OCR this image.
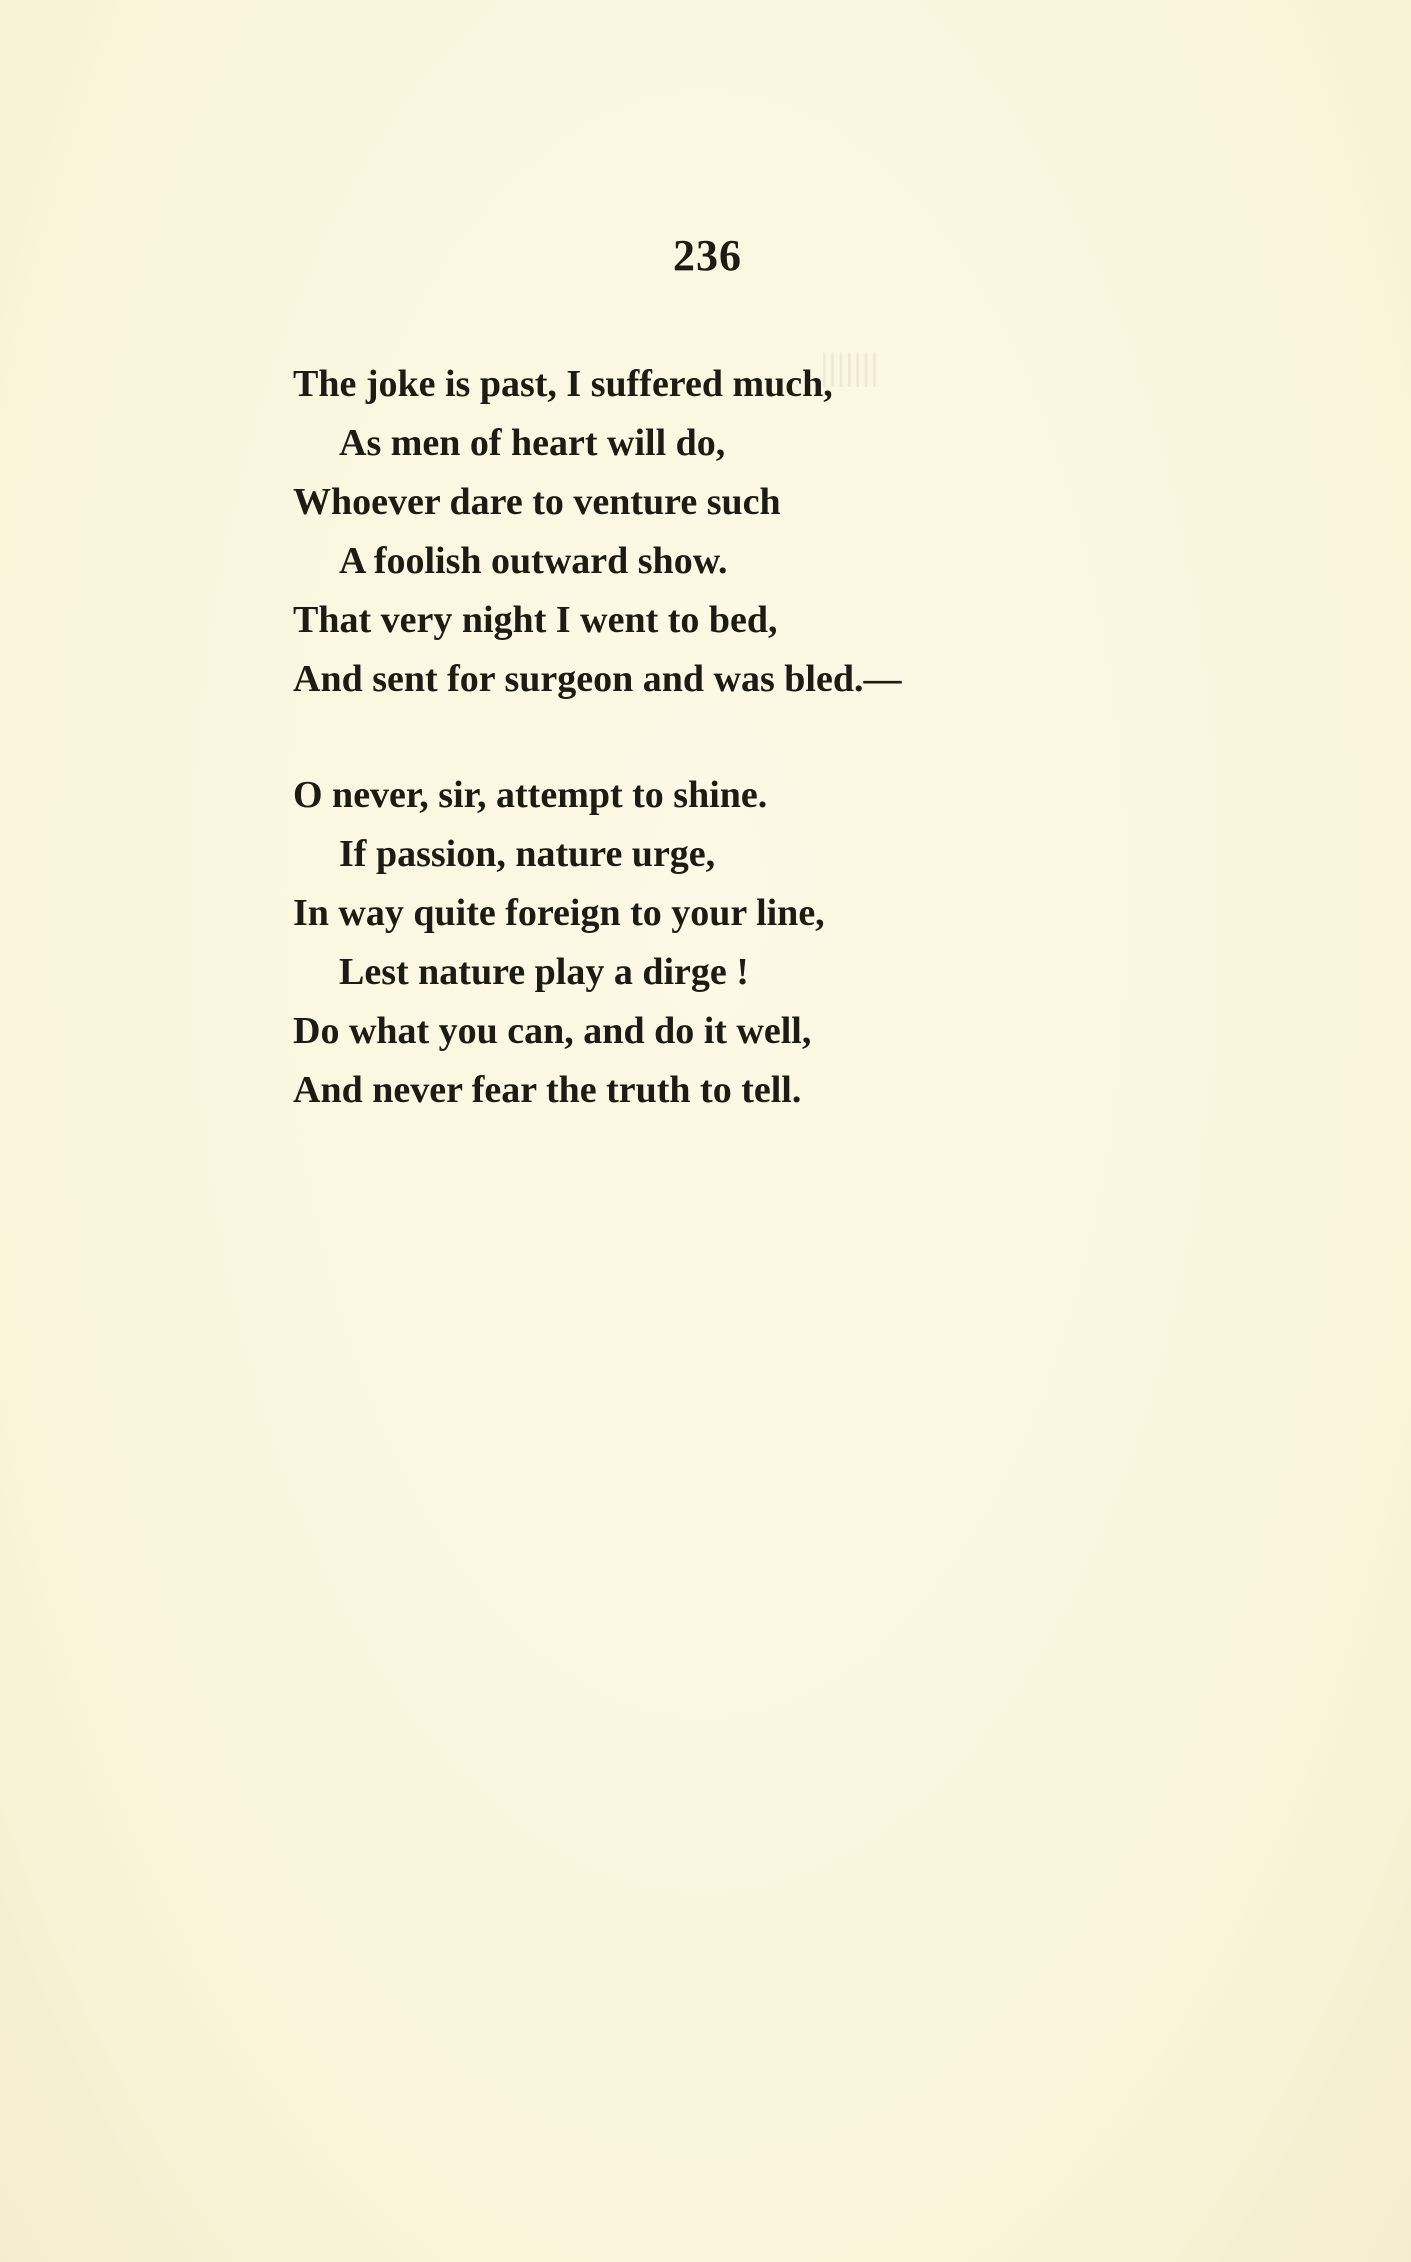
|||||||
236
The joke is past, I suffered much,
As men of heart will do,
Whoever dare to venture such
A foolish outward show.
That very night I went to bed,
And sent for surgeon and was bled.—
O never, sir, attempt to shine.
If passion, nature urge,
In way quite foreign to your line,
Lest nature play a dirge !
Do what you can, and do it well,
And never fear the truth to tell.
